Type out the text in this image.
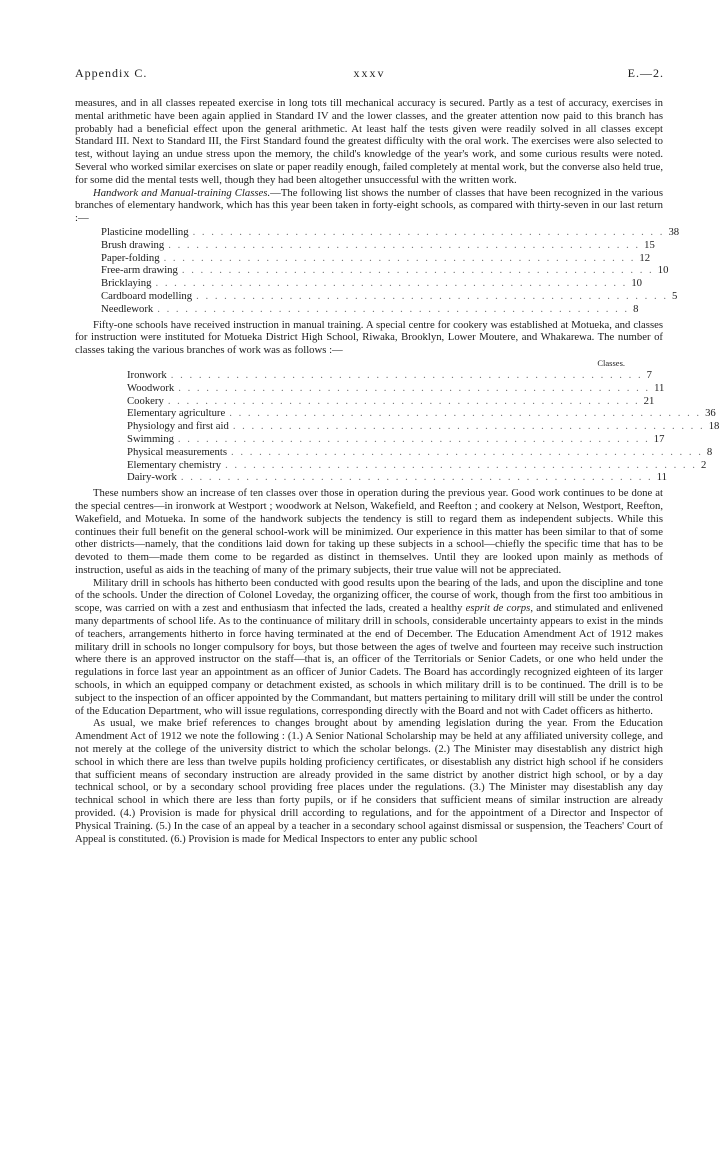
Appendix C.	xxxv	E.—2.

measures, and in all classes repeated exercise in long tots till mechanical accuracy is secured. Partly as a test of accuracy, exercises in mental arithmetic have been again applied in Standard IV and the lower classes, and the greater attention now paid to this branch has probably had a beneficial effect upon the general arithmetic. At least half the tests given were readily solved in all classes except Standard III. Next to Standard III, the First Standard found the greatest difficulty with the oral work. The exercises were also selected to test, without laying an undue stress upon the memory, the child's knowledge of the year's work, and some curious results were noted. Several who worked similar exercises on slate or paper readily enough, failed completely at mental work, but the converse also held true, for some did the mental tests well, though they had been altogether unsuccessful with the written work.

Handwork and Manual-training Classes.—The following list shows the number of classes that have been recognized in the various branches of elementary handwork, which has this year been taken in forty-eight schools, as compared with thirty-seven in our last return :—

Plasticine modelling . . . . . . . . . . . . . . . . . . . . . . . . . . . . . . . . . . . . . . . . . . . . . . . . . . . 38
Brush drawing . . . . . . . . . . . . . . . . . . . . . . . . . . . . . . . . . . . . . . . . . . . . . . . . . . . 15
Paper-folding . . . . . . . . . . . . . . . . . . . . . . . . . . . . . . . . . . . . . . . . . . . . . . . . . . . 12
Free-arm drawing . . . . . . . . . . . . . . . . . . . . . . . . . . . . . . . . . . . . . . . . . . . . . . . . . . . 10
Bricklaying . . . . . . . . . . . . . . . . . . . . . . . . . . . . . . . . . . . . . . . . . . . . . . . . . . . 10
Cardboard modelling . . . . . . . . . . . . . . . . . . . . . . . . . . . . . . . . . . . . . . . . . . . . . . . . . . . 5
Needlework . . . . . . . . . . . . . . . . . . . . . . . . . . . . . . . . . . . . . . . . . . . . . . . . . . . 8

Fifty-one schools have received instruction in manual training. A special centre for cookery was established at Motueka, and classes for instruction were instituted for Motueka District High School, Riwaka, Brooklyn, Lower Moutere, and Whakarewa. The number of classes taking the various branches of work was as follows :—

Classes.
Ironwork . . . . . . . . . . . . . . . . . . . . . . . . . . . . . . . . . . . . . . . . . . . . . . . . . . . 7
Woodwork . . . . . . . . . . . . . . . . . . . . . . . . . . . . . . . . . . . . . . . . . . . . . . . . . . . 11
Cookery . . . . . . . . . . . . . . . . . . . . . . . . . . . . . . . . . . . . . . . . . . . . . . . . . . . 21
Elementary agriculture . . . . . . . . . . . . . . . . . . . . . . . . . . . . . . . . . . . . . . . . . . . . . . . . . . . 36
Physiology and first aid . . . . . . . . . . . . . . . . . . . . . . . . . . . . . . . . . . . . . . . . . . . . . . . . . . . 18
Swimming . . . . . . . . . . . . . . . . . . . . . . . . . . . . . . . . . . . . . . . . . . . . . . . . . . . 17
Physical measurements . . . . . . . . . . . . . . . . . . . . . . . . . . . . . . . . . . . . . . . . . . . . . . . . . . . 8
Elementary chemistry . . . . . . . . . . . . . . . . . . . . . . . . . . . . . . . . . . . . . . . . . . . . . . . . . . . 2
Dairy-work . . . . . . . . . . . . . . . . . . . . . . . . . . . . . . . . . . . . . . . . . . . . . . . . . . . 11

These numbers show an increase of ten classes over those in operation during the previous year. Good work continues to be done at the special centres—in ironwork at Westport ; woodwork at Nelson, Wakefield, and Reefton ; and cookery at Nelson, Westport, Reefton, Wakefield, and Motueka. In some of the handwork subjects the tendency is still to regard them as independent subjects. While this continues their full benefit on the general school-work will be minimized. Our experience in this matter has been similar to that of some other districts—namely, that the conditions laid down for taking up these subjects in a school—chiefly the specific time that has to be devoted to them—made them come to be regarded as distinct in themselves. Until they are looked upon mainly as methods of instruction, useful as aids in the teaching of many of the primary subjects, their true value will not be appreciated.

Military drill in schools has hitherto been conducted with good results upon the bearing of the lads, and upon the discipline and tone of the schools. Under the direction of Colonel Loveday, the organizing officer, the course of work, though from the first too ambitious in scope, was carried on with a zest and enthusiasm that infected the lads, created a healthy esprit de corps, and stimulated and enlivened many departments of school life. As to the continuance of military drill in schools, considerable uncertainty appears to exist in the minds of teachers, arrangements hitherto in force having terminated at the end of December. The Education Amendment Act of 1912 makes military drill in schools no longer compulsory for boys, but those between the ages of twelve and fourteen may receive such instruction where there is an approved instructor on the staff—that is, an officer of the Territorials or Senior Cadets, or one who held under the regulations in force last year an appointment as an officer of Junior Cadets. The Board has accordingly recognized eighteen of its larger schools, in which an equipped company or detachment existed, as schools in which military drill is to be continued. The drill is to be subject to the inspection of an officer appointed by the Commandant, but matters pertaining to military drill will still be under the control of the Education Department, who will issue regulations, corresponding directly with the Board and not with Cadet officers as hitherto.

As usual, we make brief references to changes brought about by amending legislation during the year. From the Education Amendment Act of 1912 we note the following : (1.) A Senior National Scholarship may be held at any affiliated university college, and not merely at the college of the university district to which the scholar belongs. (2.) The Minister may disestablish any district high school in which there are less than twelve pupils holding proficiency certificates, or disestablish any district high school if he considers that sufficient means of secondary instruction are already provided in the same district by another district high school, or by a day technical school, or by a secondary school providing free places under the regulations. (3.) The Minister may disestablish any day technical school in which there are less than forty pupils, or if he considers that sufficient means of similar instruction are already provided. (4.) Provision is made for physical drill according to regulations, and for the appointment of a Director and Inspector of Physical Training. (5.) In the case of an appeal by a teacher in a secondary school against dismissal or suspension, the Teachers' Court of Appeal is constituted. (6.) Provision is made for Medical Inspectors to enter any public school
